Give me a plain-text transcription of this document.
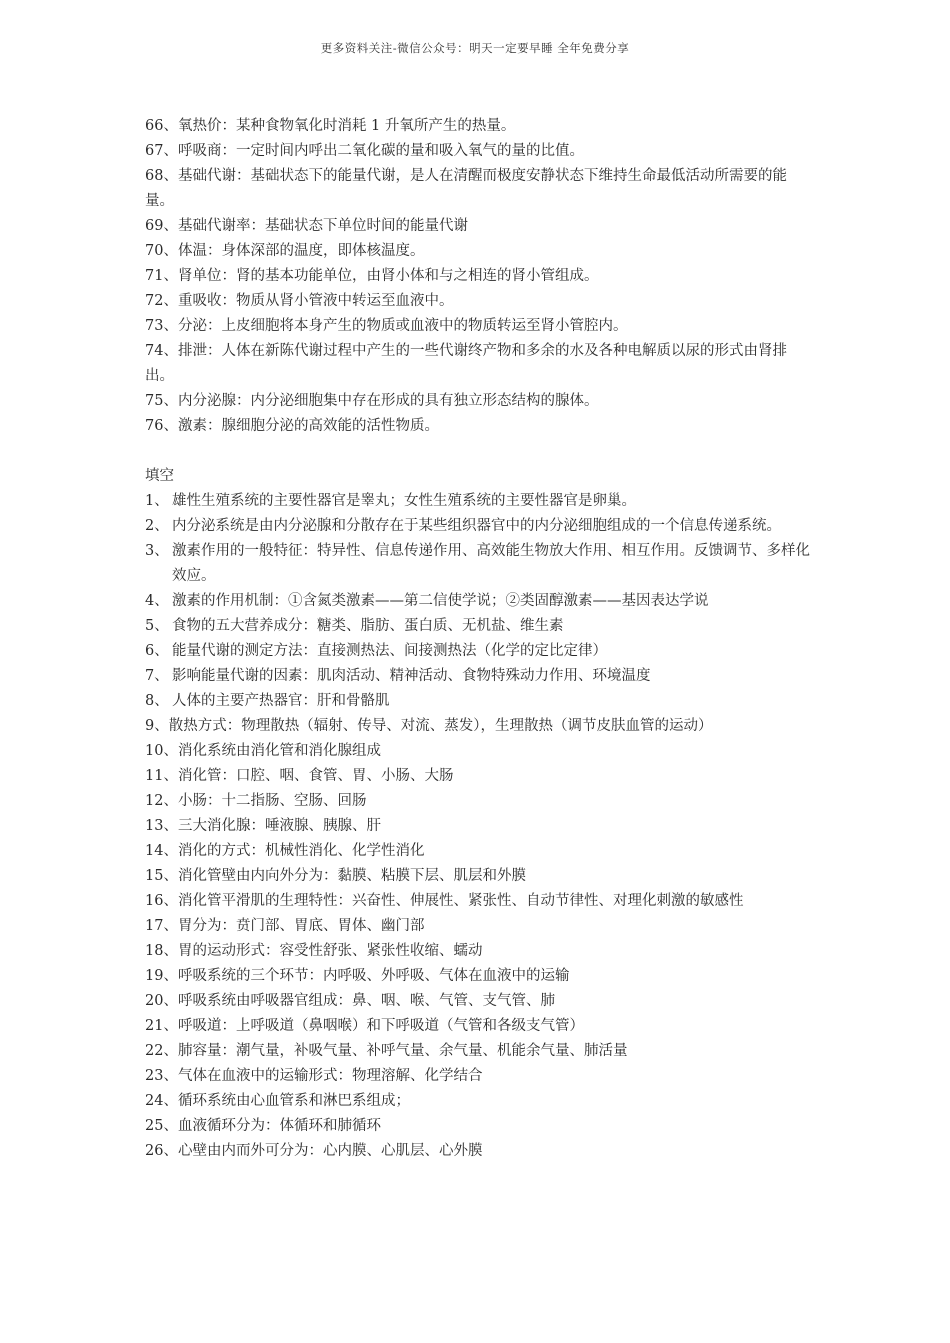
更多资料关注-微信公众号：明天一定要早睡 全年免费分享

66、氧热价：某种食物氧化时消耗 1 升氧所产生的热量。

67、呼吸商：一定时间内呼出二氧化碳的量和吸入氧气的量的比值。

68、基础代谢：基础状态下的能量代谢，是人在清醒而极度安静状态下维持生命最低活动所需要的能量。

69、基础代谢率：基础状态下单位时间的能量代谢

70、体温：身体深部的温度，即体核温度。

71、肾单位：肾的基本功能单位，由肾小体和与之相连的肾小管组成。

72、重吸收：物质从肾小管液中转运至血液中。

73、分泌：上皮细胞将本身产生的物质或血液中的物质转运至肾小管腔内。

74、排泄：人体在新陈代谢过程中产生的一些代谢终产物和多余的水及各种电解质以尿的形式由肾排出。

75、内分泌腺：内分泌细胞集中存在形成的具有独立形态结构的腺体。

76、激素：腺细胞分泌的高效能的活性物质。

填空
1、 雄性生殖系统的主要性器官是睾丸；女性生殖系统的主要性器官是卵巢。
2、 内分泌系统是由内分泌腺和分散存在于某些组织器官中的内分泌细胞组成的一个信息传递系统。
3、 激素作用的一般特征：特异性、信息传递作用、高效能生物放大作用、相互作用。反馈调节、多样化效应。
4、 激素的作用机制：①含氮类激素——第二信使学说；②类固醇激素——基因表达学说
5、 食物的五大营养成分：糖类、脂肪、蛋白质、无机盐、维生素
6、 能量代谢的测定方法：直接测热法、间接测热法（化学的定比定律）
7、 影响能量代谢的因素：肌肉活动、精神活动、食物特殊动力作用、环境温度
8、 人体的主要产热器官：肝和骨骼肌

9、散热方式：物理散热（辐射、传导、对流、蒸发），生理散热（调节皮肤血管的运动）

10、消化系统由消化管和消化腺组成

11、消化管：口腔、咽、食管、胃、小肠、大肠

12、小肠：十二指肠、空肠、回肠

13、三大消化腺：唾液腺、胰腺、肝

14、消化的方式：机械性消化、化学性消化

15、消化管壁由内向外分为：黏膜、粘膜下层、肌层和外膜

16、消化管平滑肌的生理特性：兴奋性、伸展性、紧张性、自动节律性、对理化刺激的敏感性

17、胃分为：贲门部、胃底、胃体、幽门部

18、胃的运动形式：容受性舒张、紧张性收缩、蠕动

19、呼吸系统的三个环节：内呼吸、外呼吸、气体在血液中的运输

20、呼吸系统由呼吸器官组成：鼻、咽、喉、气管、支气管、肺

21、呼吸道：上呼吸道（鼻咽喉）和下呼吸道（气管和各级支气管）

22、肺容量：潮气量，补吸气量、补呼气量、余气量、机能余气量、肺活量

23、气体在血液中的运输形式：物理溶解、化学结合

24、循环系统由心血管系和淋巴系组成；

25、血液循环分为：体循环和肺循环

26、心壁由内而外可分为：心内膜、心肌层、心外膜
